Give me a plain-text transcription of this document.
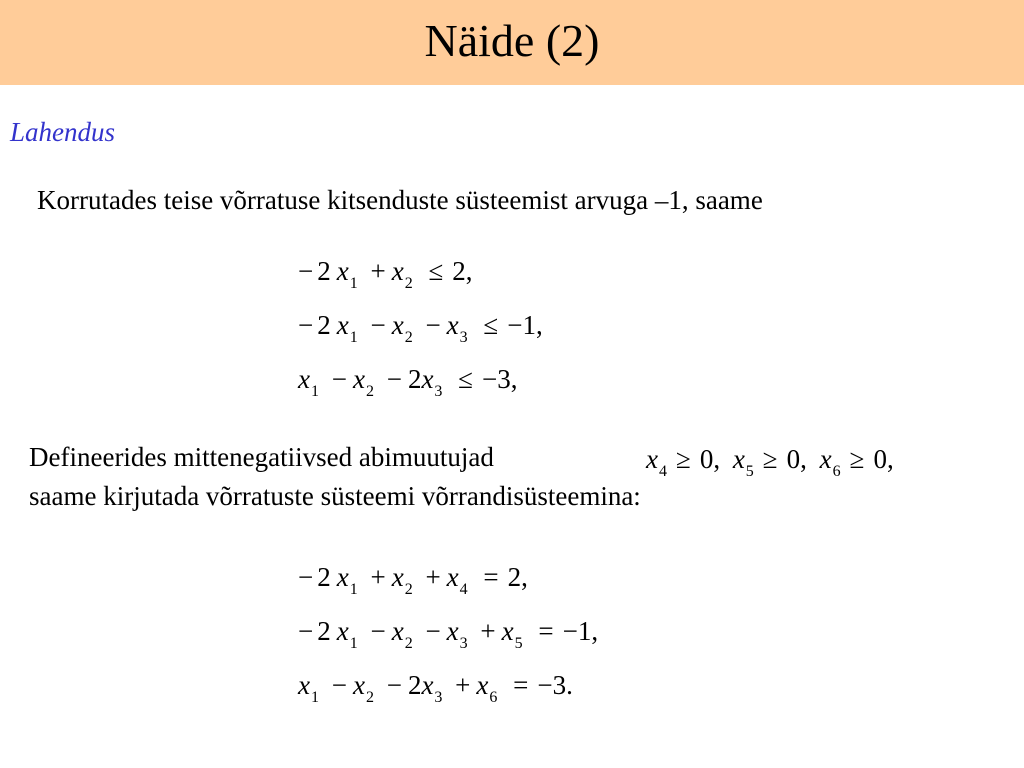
Näide (2)
Lahendus
Korrutades teise võrratuse kitsenduste süsteemist arvuga –1, saame
− 2 $x_1 + x_2 \le 2$,
− 2 $x_1 - x_2 - x_3 \le -1$,
$x_1 - x_2 - 2x_3 \le -3$,
Defineerides mittenegatiivsed abimuutujad	$x_4 \ge 0$, $x_5 \ge 0$, $x_6 \ge 0$,
saame kirjutada võrratuste süsteemi võrrandisüsteemina:
− 2 $x_1 + x_2 + x_4 = 2$,
− 2 $x_1 - x_2 - x_3 + x_5 = -1$,
$x_1 - x_2 - 2x_3 + x_6 = -3$.
